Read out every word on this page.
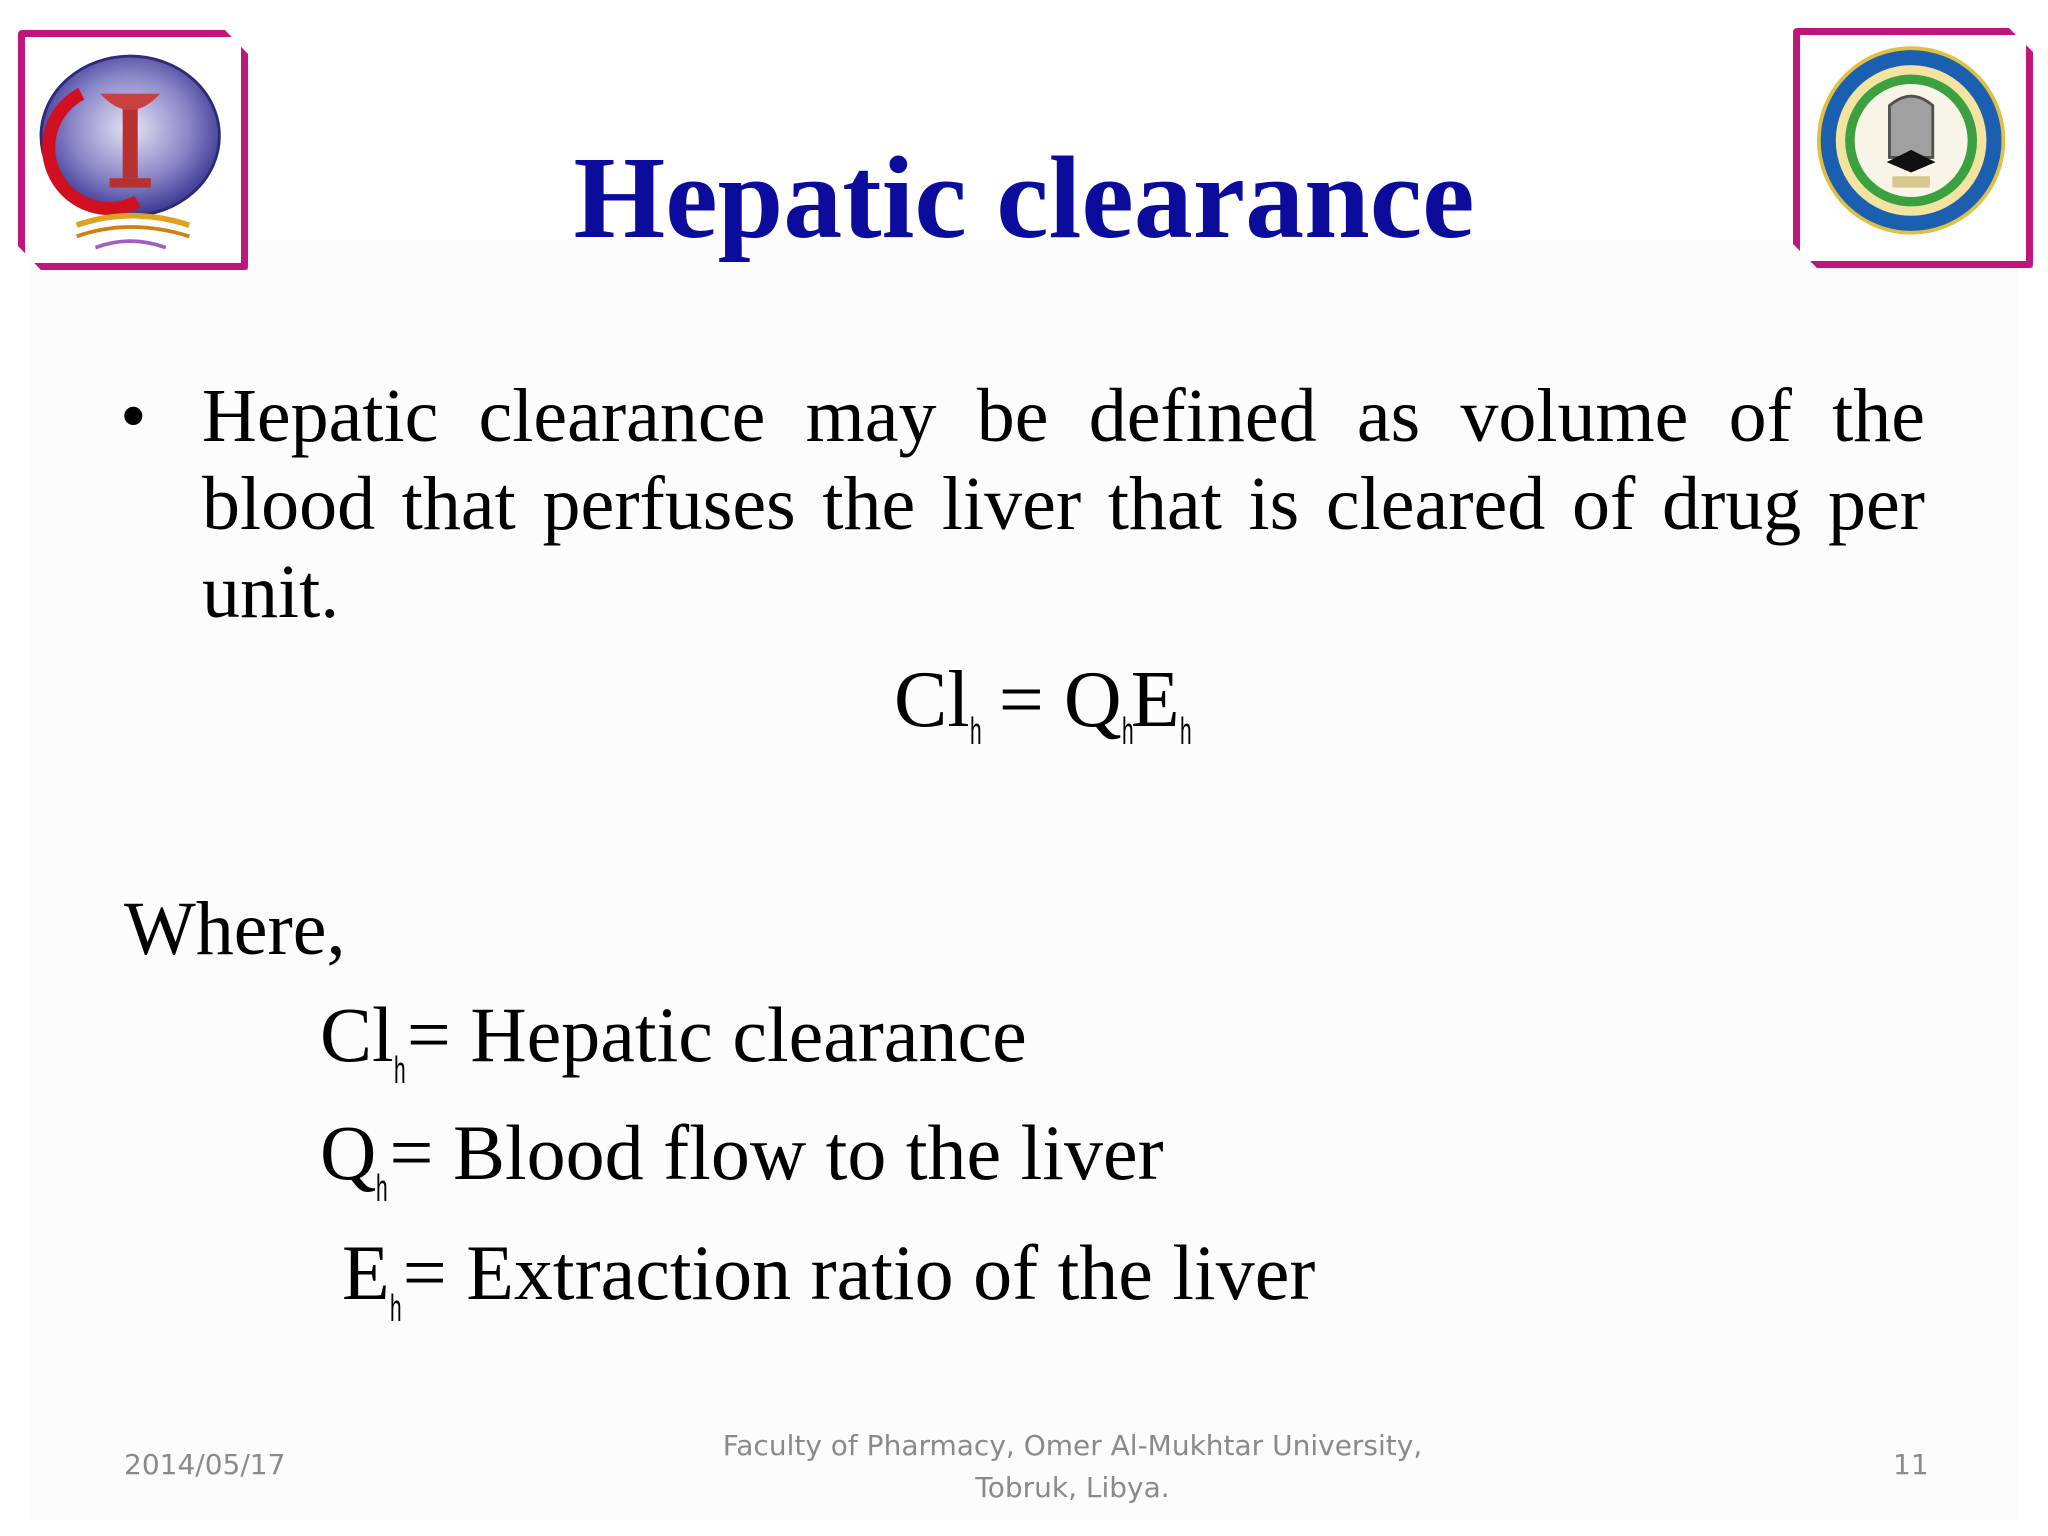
Hepatic clearance
• Hepatic clearance may be defined as volume of the blood that perfuses the liver that is cleared of drug per unit.
Clh = QhEh
Where,
Clh= Hepatic clearance
Qh= Blood flow to the liver
Eh= Extraction ratio of the liver
2014/05/17
Faculty of Pharmacy, Omer Al-Mukhtar University,
Tobruk, Libya.
11
